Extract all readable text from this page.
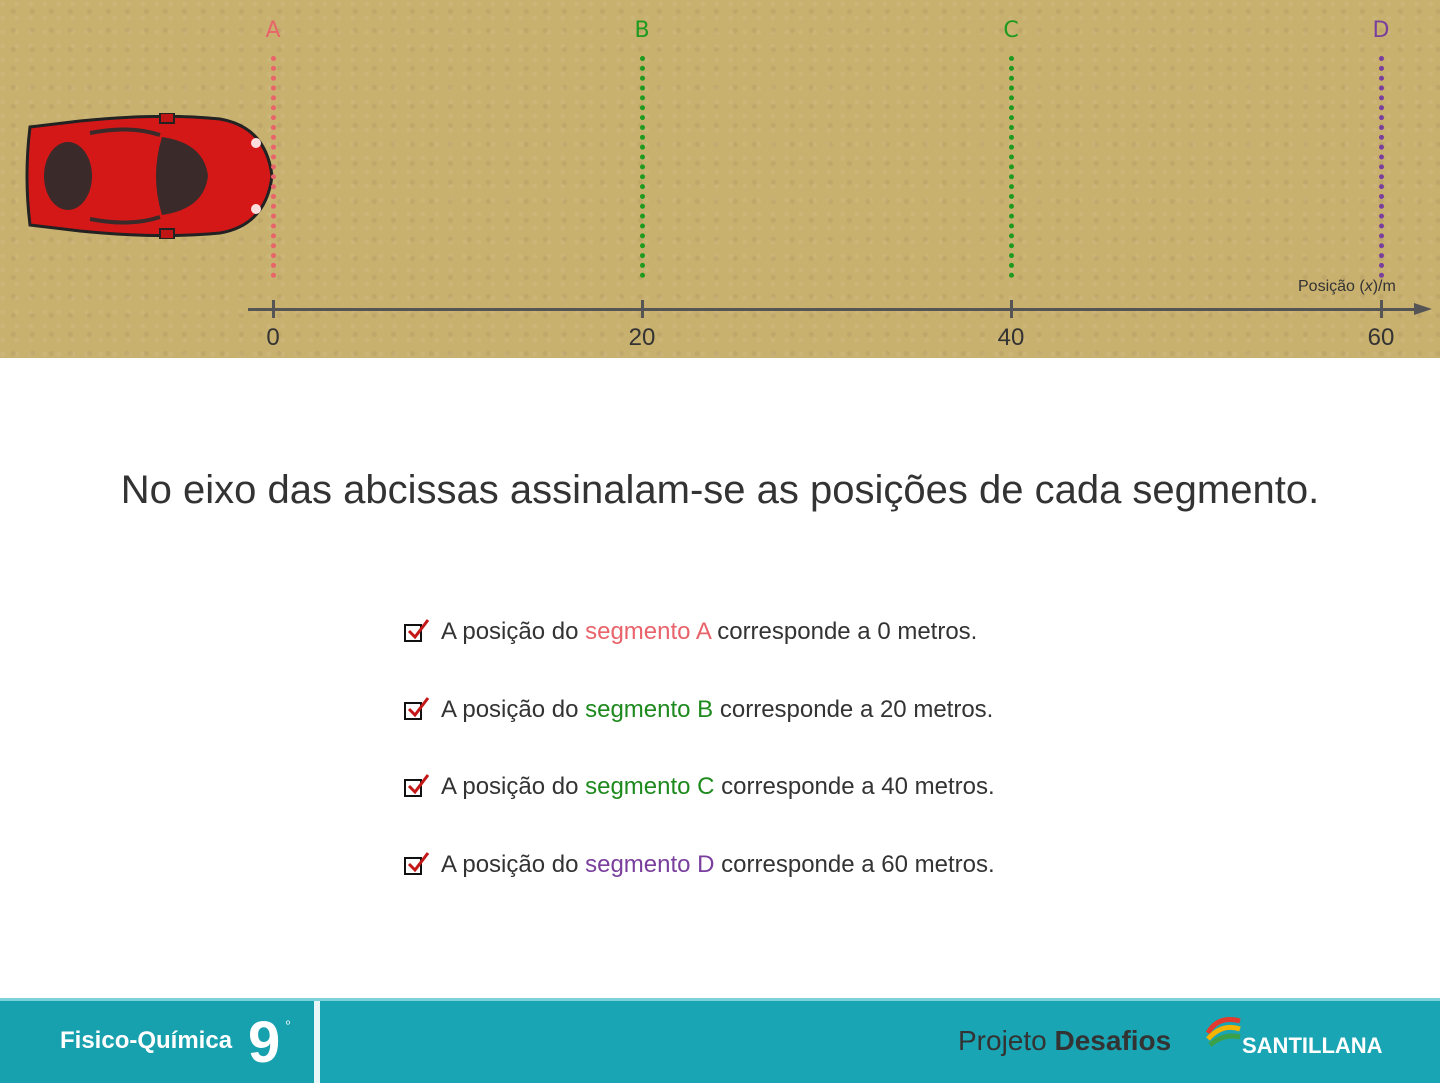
A	B	C	D
Posição (x)/m
0	20	40	60
No eixo das abcissas assinalam-se as posições de cada segmento.
A posição do segmento A corresponde a 0 metros.
A posição do segmento B corresponde a 20 metros.
A posição do segmento C corresponde a 40 metros.
A posição do segmento D corresponde a 60 metros.
Fisico-Química 9 º	Projeto Desafios	SANTILLANA
